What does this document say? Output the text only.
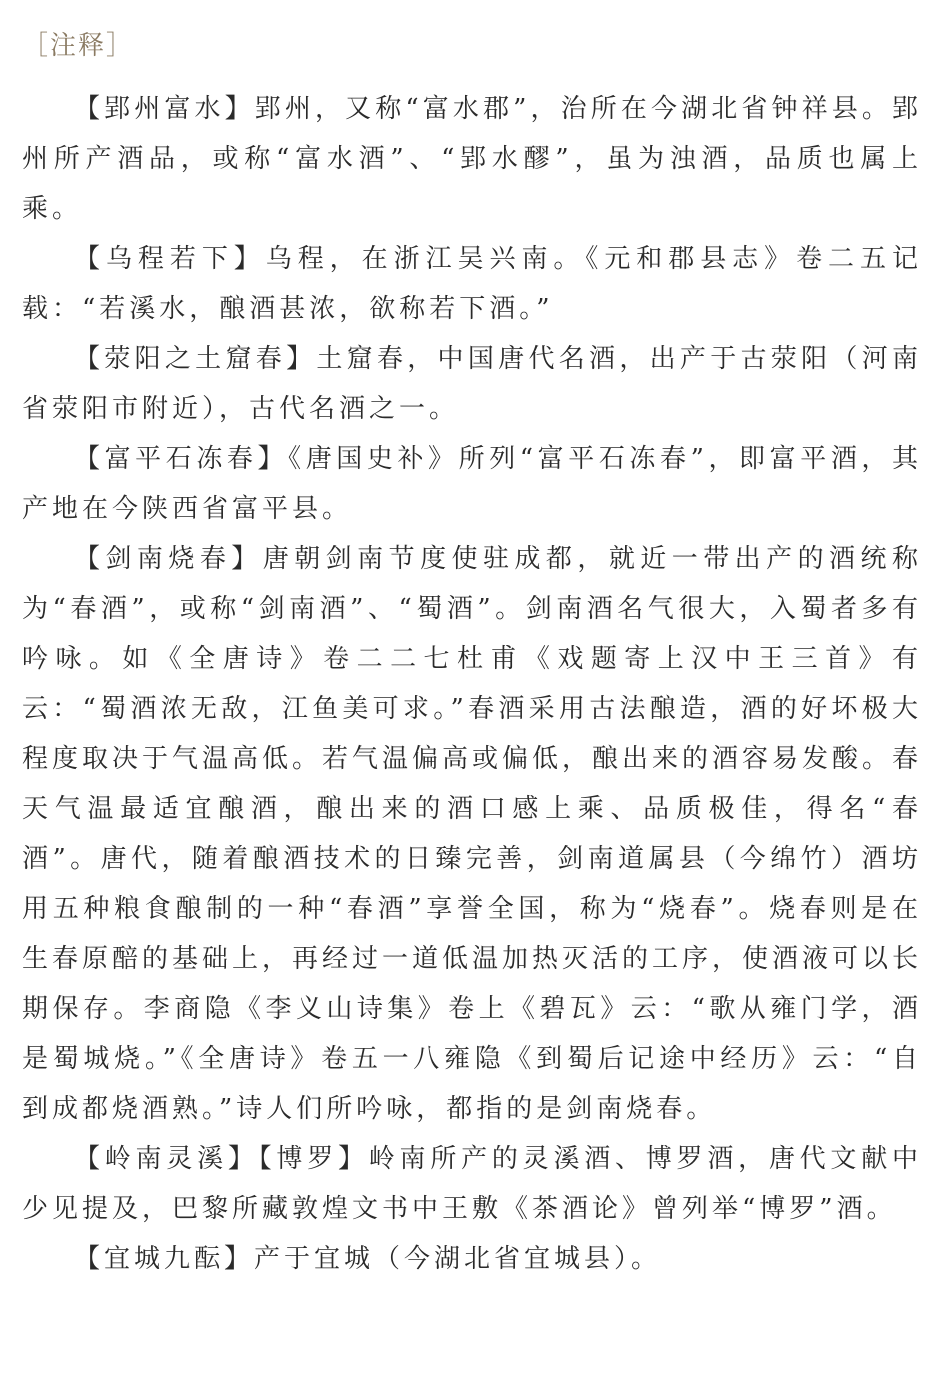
［注释］

【郢州富水】郢州，又称“富水郡”，治所在今湖北省钟祥县。郢州所产酒品，或称“富水酒”、“郢水醪”，虽为浊酒，品质也属上乘。

【乌程若下】乌程，在浙江吴兴南。《元和郡县志》卷二五记载：“若溪水，酿酒甚浓，欲称若下酒。”

【荥阳之土窟春】土窟春，中国唐代名酒，出产于古荥阳（河南省荥阳市附近），古代名酒之一。

【富平石冻春】《唐国史补》所列“富平石冻春”，即富平酒，其产地在今陕西省富平县。

【剑南烧春】唐朝剑南节度使驻成都，就近一带出产的酒统称为“春酒”，或称“剑南酒”、“蜀酒”。剑南酒名气很大，入蜀者多有吟咏。如《全唐诗》卷二二七杜甫《戏题寄上汉中王三首》有云：“蜀酒浓无敌，江鱼美可求。”春酒采用古法酿造，酒的好坏极大程度取决于气温高低。若气温偏高或偏低，酿出来的酒容易发酸。春天气温最适宜酿酒，酿出来的酒口感上乘、品质极佳，得名“春酒”。唐代，随着酿酒技术的日臻完善，剑南道属县（今绵竹）酒坊用五种粮食酿制的一种“春酒”享誉全国，称为“烧春”。烧春则是在生春原醅的基础上，再经过一道低温加热灭活的工序，使酒液可以长期保存。李商隐《李义山诗集》卷上《碧瓦》云：“歌从雍门学，酒是蜀城烧。”《全唐诗》卷五一八雍隐《到蜀后记途中经历》云：“自到成都烧酒熟。”诗人们所吟咏，都指的是剑南烧春。

【岭南灵溪】【博罗】岭南所产的灵溪酒、博罗酒，唐代文献中少见提及，巴黎所藏敦煌文书中王敷《茶酒论》曾列举“博罗”酒。

【宜城九酝】产于宜城（今湖北省宜城县）。
